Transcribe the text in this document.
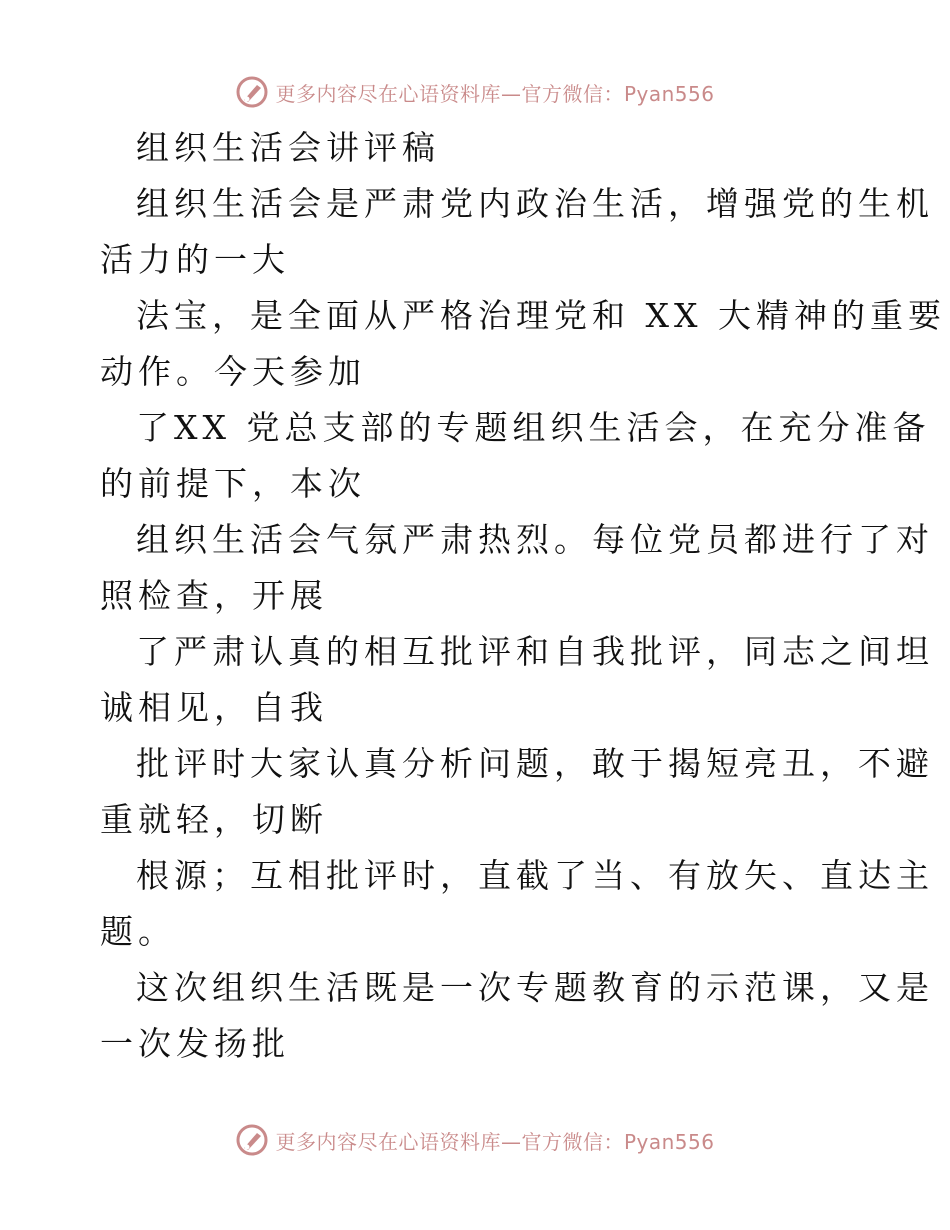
更多内容尽在心语资料库—官方微信：Pyan556
组织生活会讲评稿
组织生活会是严肃党内政治生活，增强党的生机
活力的一大
法宝，是全面从严格治理党和 XX 大精神的重要
动作。今天参加
了XX 党总支部的专题组织生活会，在充分准备
的前提下，本次
组织生活会气氛严肃热烈。每位党员都进行了对
照检查，开展
了严肃认真的相互批评和自我批评，同志之间坦
诚相见，自我
批评时大家认真分析问题，敢于揭短亮丑，不避
重就轻，切断
根源；互相批评时，直截了当、有放矢、直达主
题。
这次组织生活既是一次专题教育的示范课，又是
一次发扬批
更多内容尽在心语资料库—官方微信：Pyan556
